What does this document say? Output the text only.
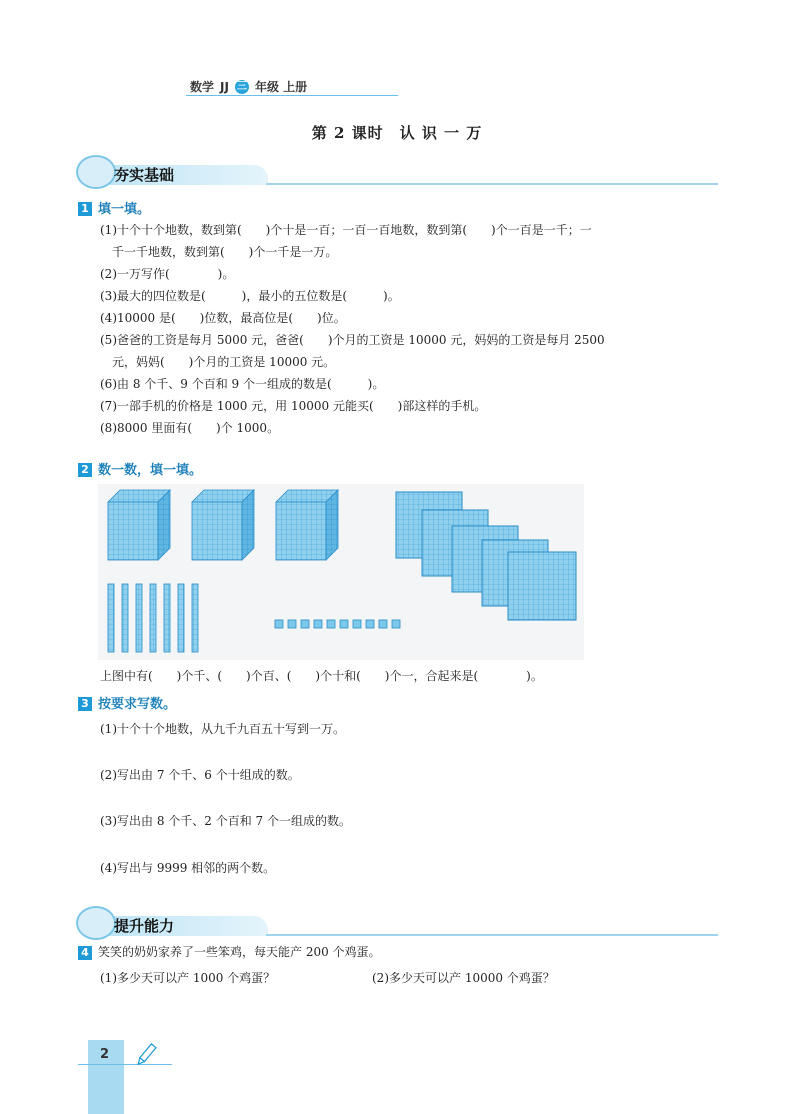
数学 JJ 三 年级 上册
第 2 课时　认 识 一 万
夯实基础
1 填一填。
(1)十个十个地数，数到第(　　)个十是一百；一百一百地数，数到第(　　)个一百是一千；一
千一千地数，数到第(　　)个一千是一万。
(2)一万写作(　　　　)。
(3)最大的四位数是(　　　)，最小的五位数是(　　　)。
(4)10000 是(　　)位数，最高位是(　　)位。
(5)爸爸的工资是每月 5000 元，爸爸(　　)个月的工资是 10000 元，妈妈的工资是每月 2500
元，妈妈(　　)个月的工资是 10000 元。
(6)由 8 个千、9 个百和 9 个一组成的数是(　　　)。
(7)一部手机的价格是 1000 元，用 10000 元能买(　　)部这样的手机。
(8)8000 里面有(　　)个 1000。
2 数一数，填一填。
上图中有(　　)个千、(　　)个百、(　　)个十和(　　)个一，合起来是(　　　　)。
3 按要求写数。
(1)十个十个地数，从九千九百五十写到一万。
(2)写出由 7 个千、6 个十组成的数。
(3)写出由 8 个千、2 个百和 7 个一组成的数。
(4)写出与 9999 相邻的两个数。
提升能力
4 笑笑的奶奶家养了一些笨鸡，每天能产 200 个鸡蛋。
(1)多少天可以产 1000 个鸡蛋？	(2)多少天可以产 10000 个鸡蛋？
2
